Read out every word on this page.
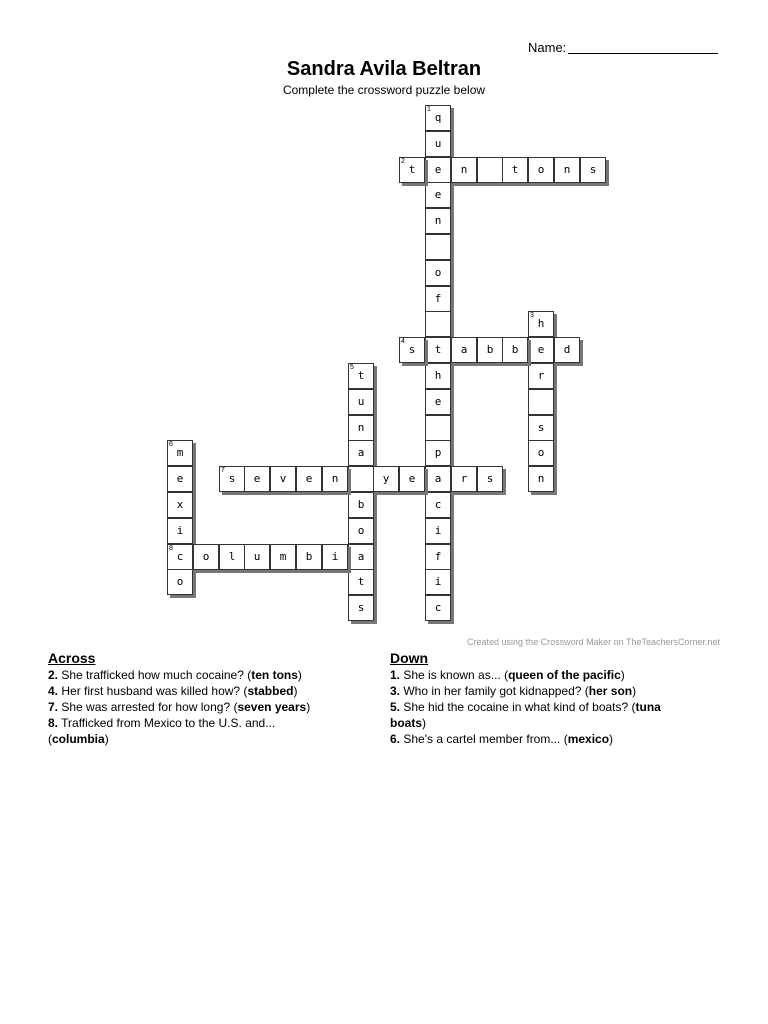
Name:
Sandra Avila Beltran
Complete the crossword puzzle below
1
q
u
e
e
n
o
f
t
h
e
p
a
c
i
f
i
c
2
t	n	t	o	n	s
3
h
e
r
s
o
n
4
s	a	b	b	d
5
t
u
n
a
b
o
a
t
s
6
m
e
x
i
8
c
o
7
s	e	v	e	n	y	e	r	s
o	l	u	m	b	i
Created using the Crossword Maker on TheTeachersCorner.net
Across

2. She trafficked how much cocaine? (ten tons)

4. Her first husband was killed how? (stabbed)

7. She was arrested for how long? (seven years)

8. Trafficked from Mexico to the U.S. and...

(columbia)

Down

1. She is known as... (queen of the pacific)

3. Who in her family got kidnapped? (her son)

5. She hid the cocaine in what kind of boats? (tuna

boats)

6. She's a cartel member from... (mexico)
